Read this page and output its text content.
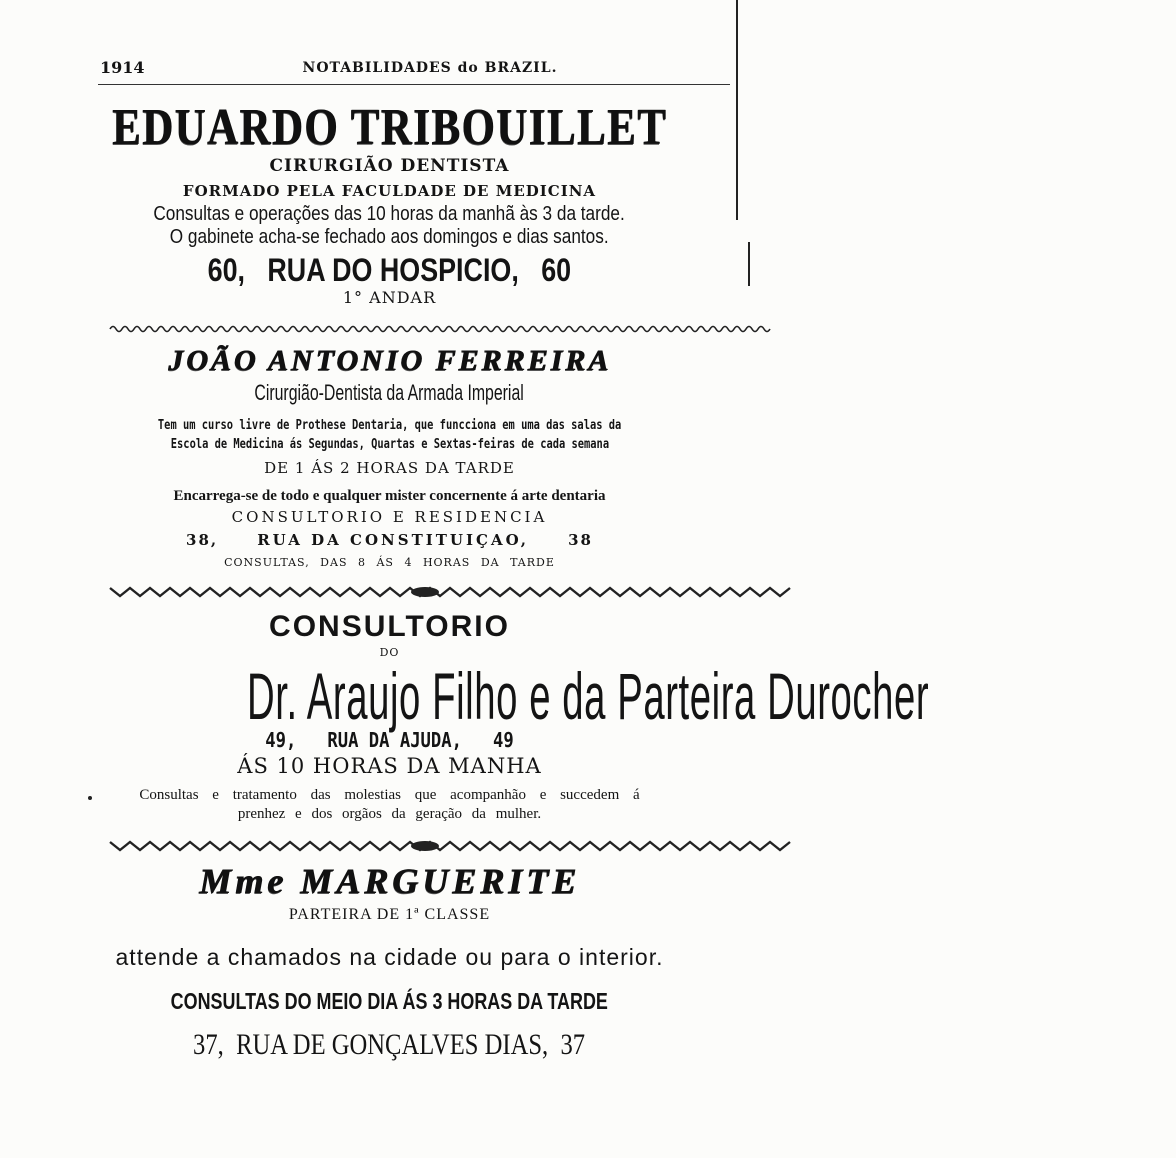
1914	NOTABILIDADES do BRAZIL.
EDUARDO TRIBOUILLET
CIRURGIÃO DENTISTA
FORMADO PELA FACULDADE DE MEDICINA
Consultas e operações das 10 horas da manhã às 3 da tarde.
O gabinete acha-se fechado aos domingos e dias santos.
60,   RUA DO HOSPICIO,   60
1° ANDAR
JOÃO ANTONIO FERREIRA
Cirurgião-Dentista da Armada Imperial
Tem um curso livre de Prothese Dentaria, que funcciona em uma das salas da
Escola de Medicina ás Segundas, Quartas e Sextas-feiras de cada semana
DE 1 ÁS 2 HORAS DA TARDE
Encarrega-se de todo e qualquer mister concernente á arte dentaria
CONSULTORIO E RESIDENCIA
38,	RUA DA CONSTITUIÇAO,	38
CONSULTAS, DAS 8 ÁS 4 HORAS DA TARDE
CONSULTORIO
DO
Dr. Araujo Filho e da Parteira Durocher
49,   RUA DA AJUDA,   49
ÁS 10 HORAS DA MANHA
Consultas e tratamento das molestias que acompanhão e succedem á
prenhez e dos orgãos da geração da mulher.
Mme MARGUERITE
PARTEIRA DE 1ª CLASSE
attende a chamados na cidade ou para o interior.
CONSULTAS DO MEIO DIA ÁS 3 HORAS DA TARDE
37,  RUA DE GONÇALVES DIAS,  37
